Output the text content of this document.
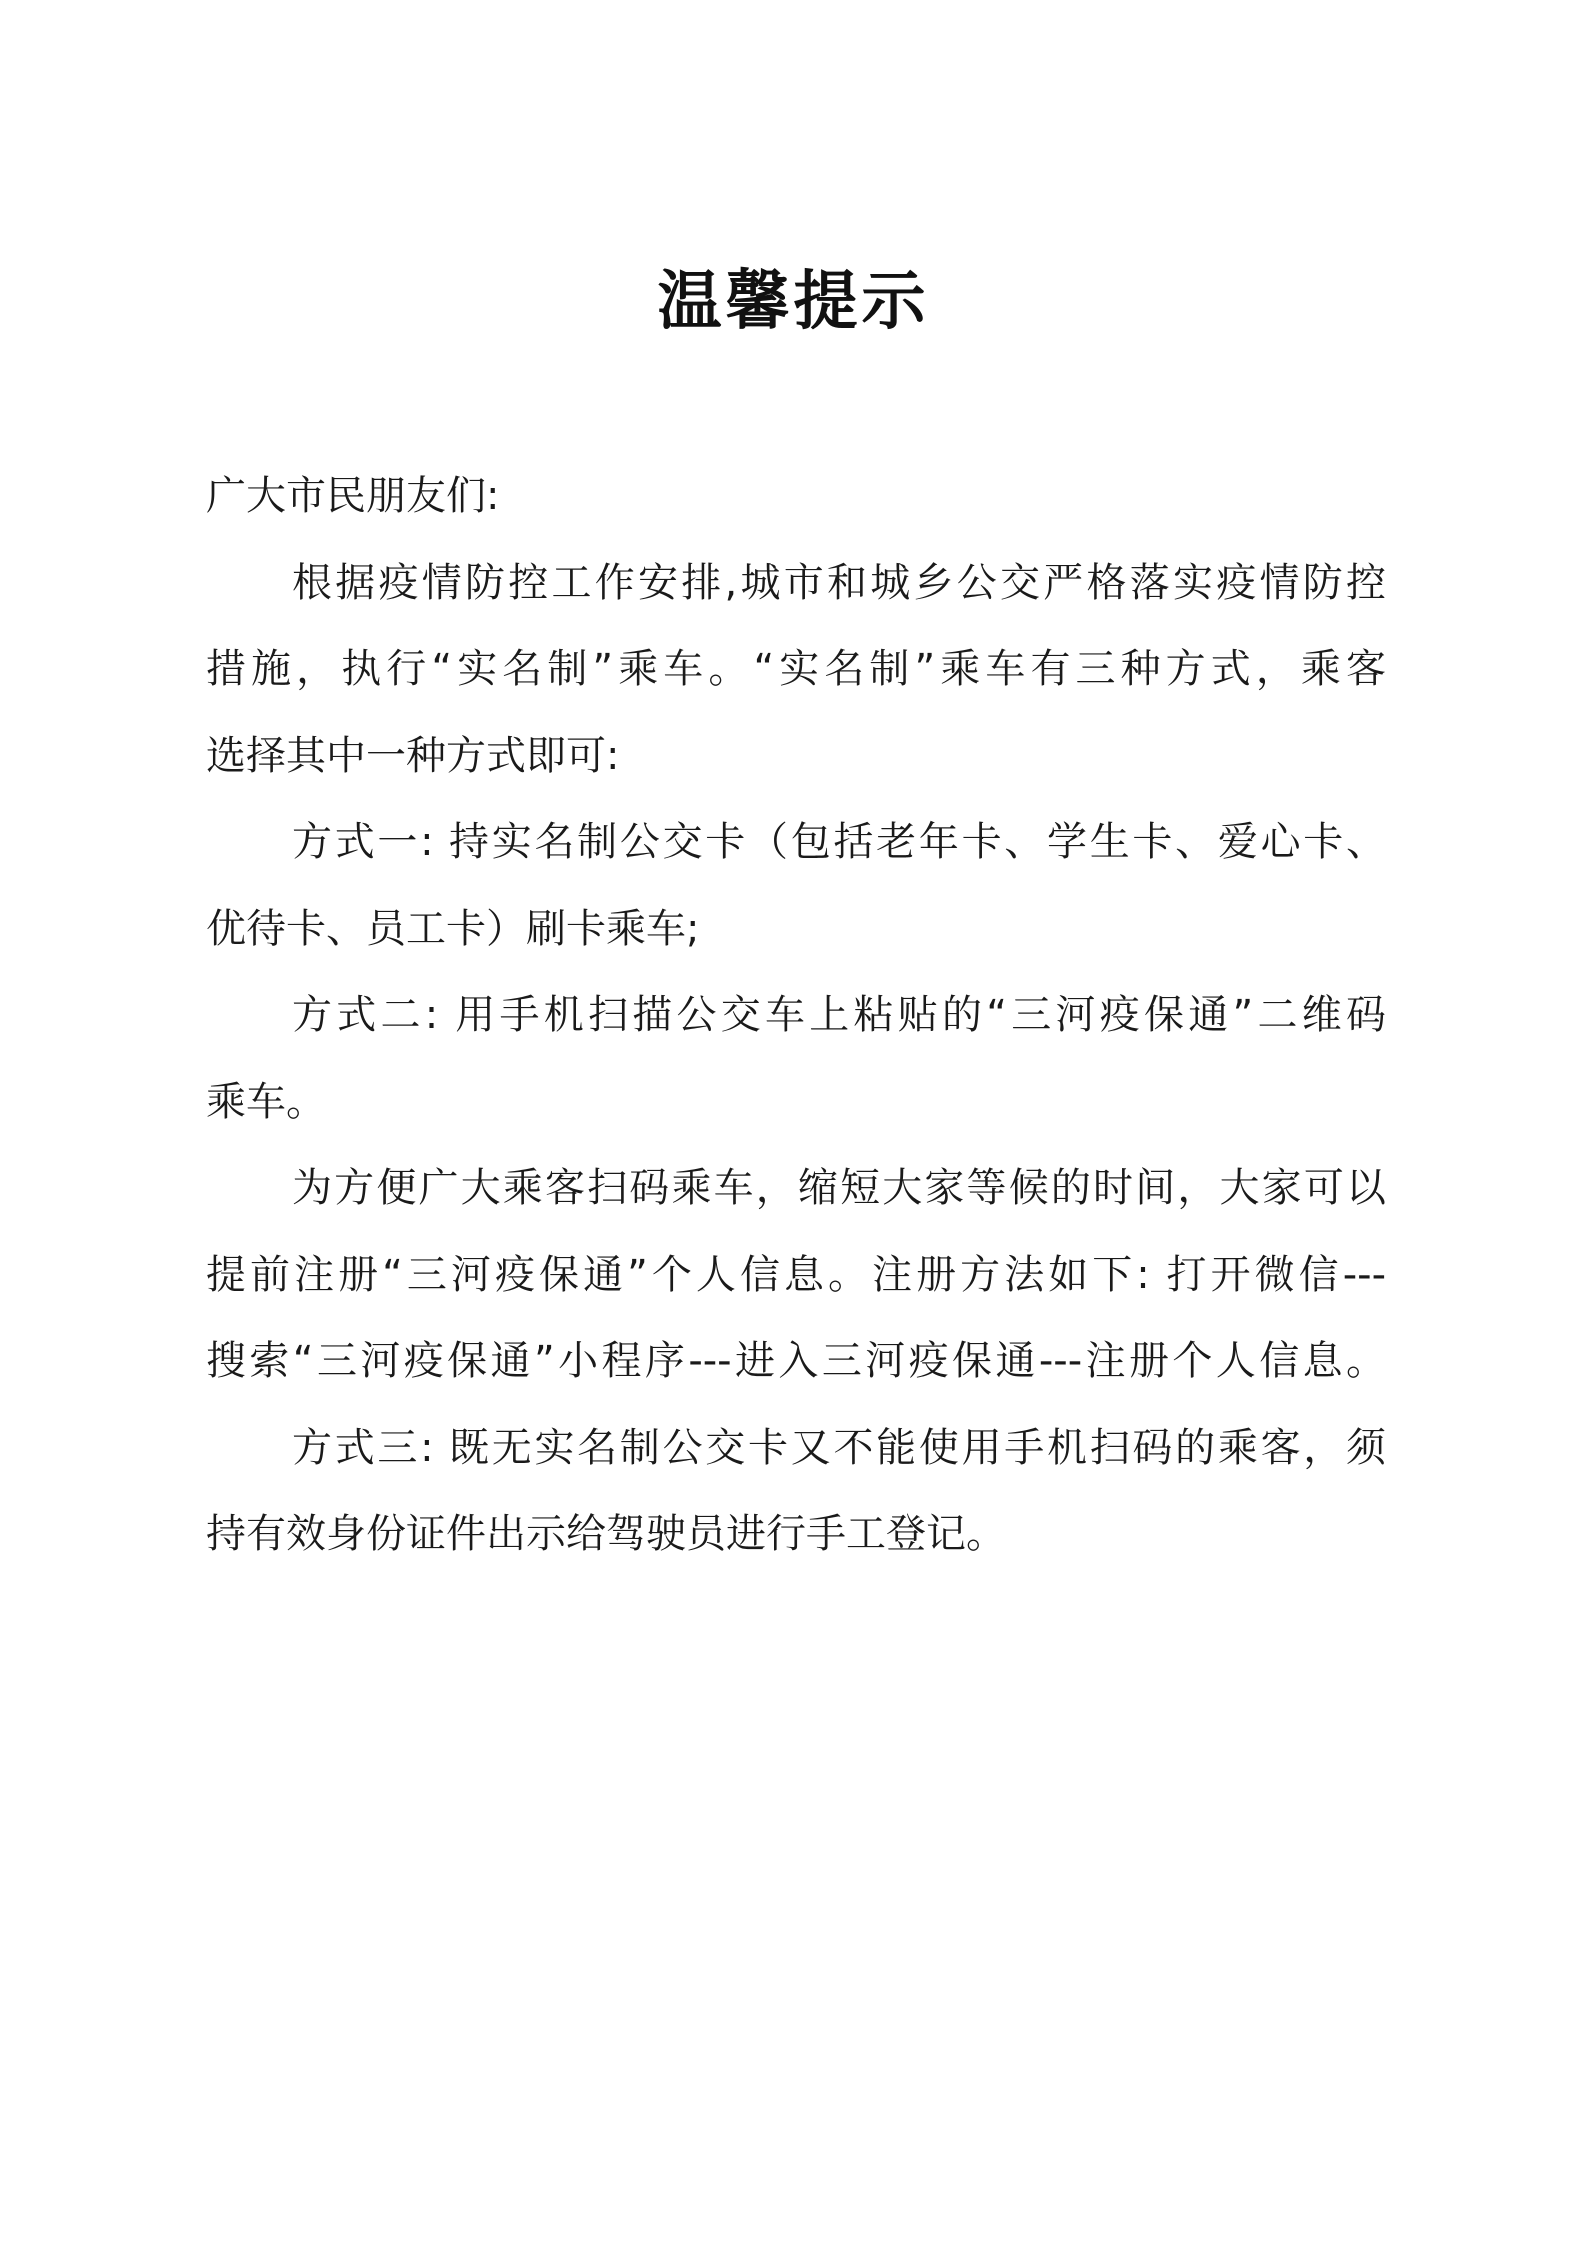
温馨提示
广大市民朋友们:
根据疫情防控工作安排,城市和城乡公交严格落实疫情防控
措施，执行“实名制”乘车。“实名制”乘车有三种方式，乘客
选择其中一种方式即可:
方式一: 持实名制公交卡（包括老年卡、学生卡、爱心卡、
优待卡、员工卡）刷卡乘车;
方式二: 用手机扫描公交车上粘贴的“三河疫保通”二维码
乘车。
为方便广大乘客扫码乘车，缩短大家等候的时间，大家可以
提前注册“三河疫保通”个人信息。注册方法如下: 打开微信---
搜索“三河疫保通”小程序---进入三河疫保通---注册个人信息。
方式三: 既无实名制公交卡又不能使用手机扫码的乘客，须
持有效身份证件出示给驾驶员进行手工登记。
